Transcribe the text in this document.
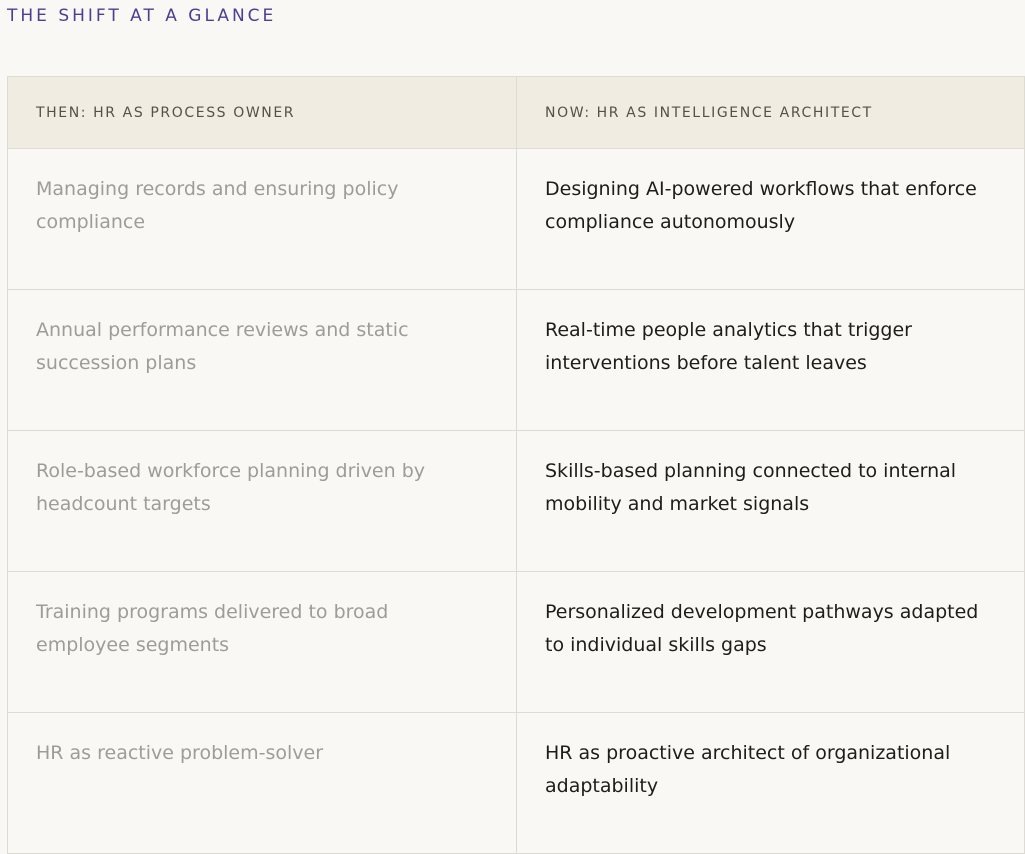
THE SHIFT AT A GLANCE
THEN: HR AS PROCESS OWNER	NOW: HR AS INTELLIGENCE ARCHITECT

Managing records and ensuring policy compliance	Designing AI-powered workflows that enforce compliance autonomously

Annual performance reviews and static succession plans	Real-time people analytics that trigger interventions before talent leaves

Role-based workforce planning driven by headcount targets	Skills-based planning connected to internal mobility and market signals

Training programs delivered to broad employee segments	Personalized development pathways adapted to individual skills gaps

HR as reactive problem-solver	HR as proactive architect of organizational adaptability
